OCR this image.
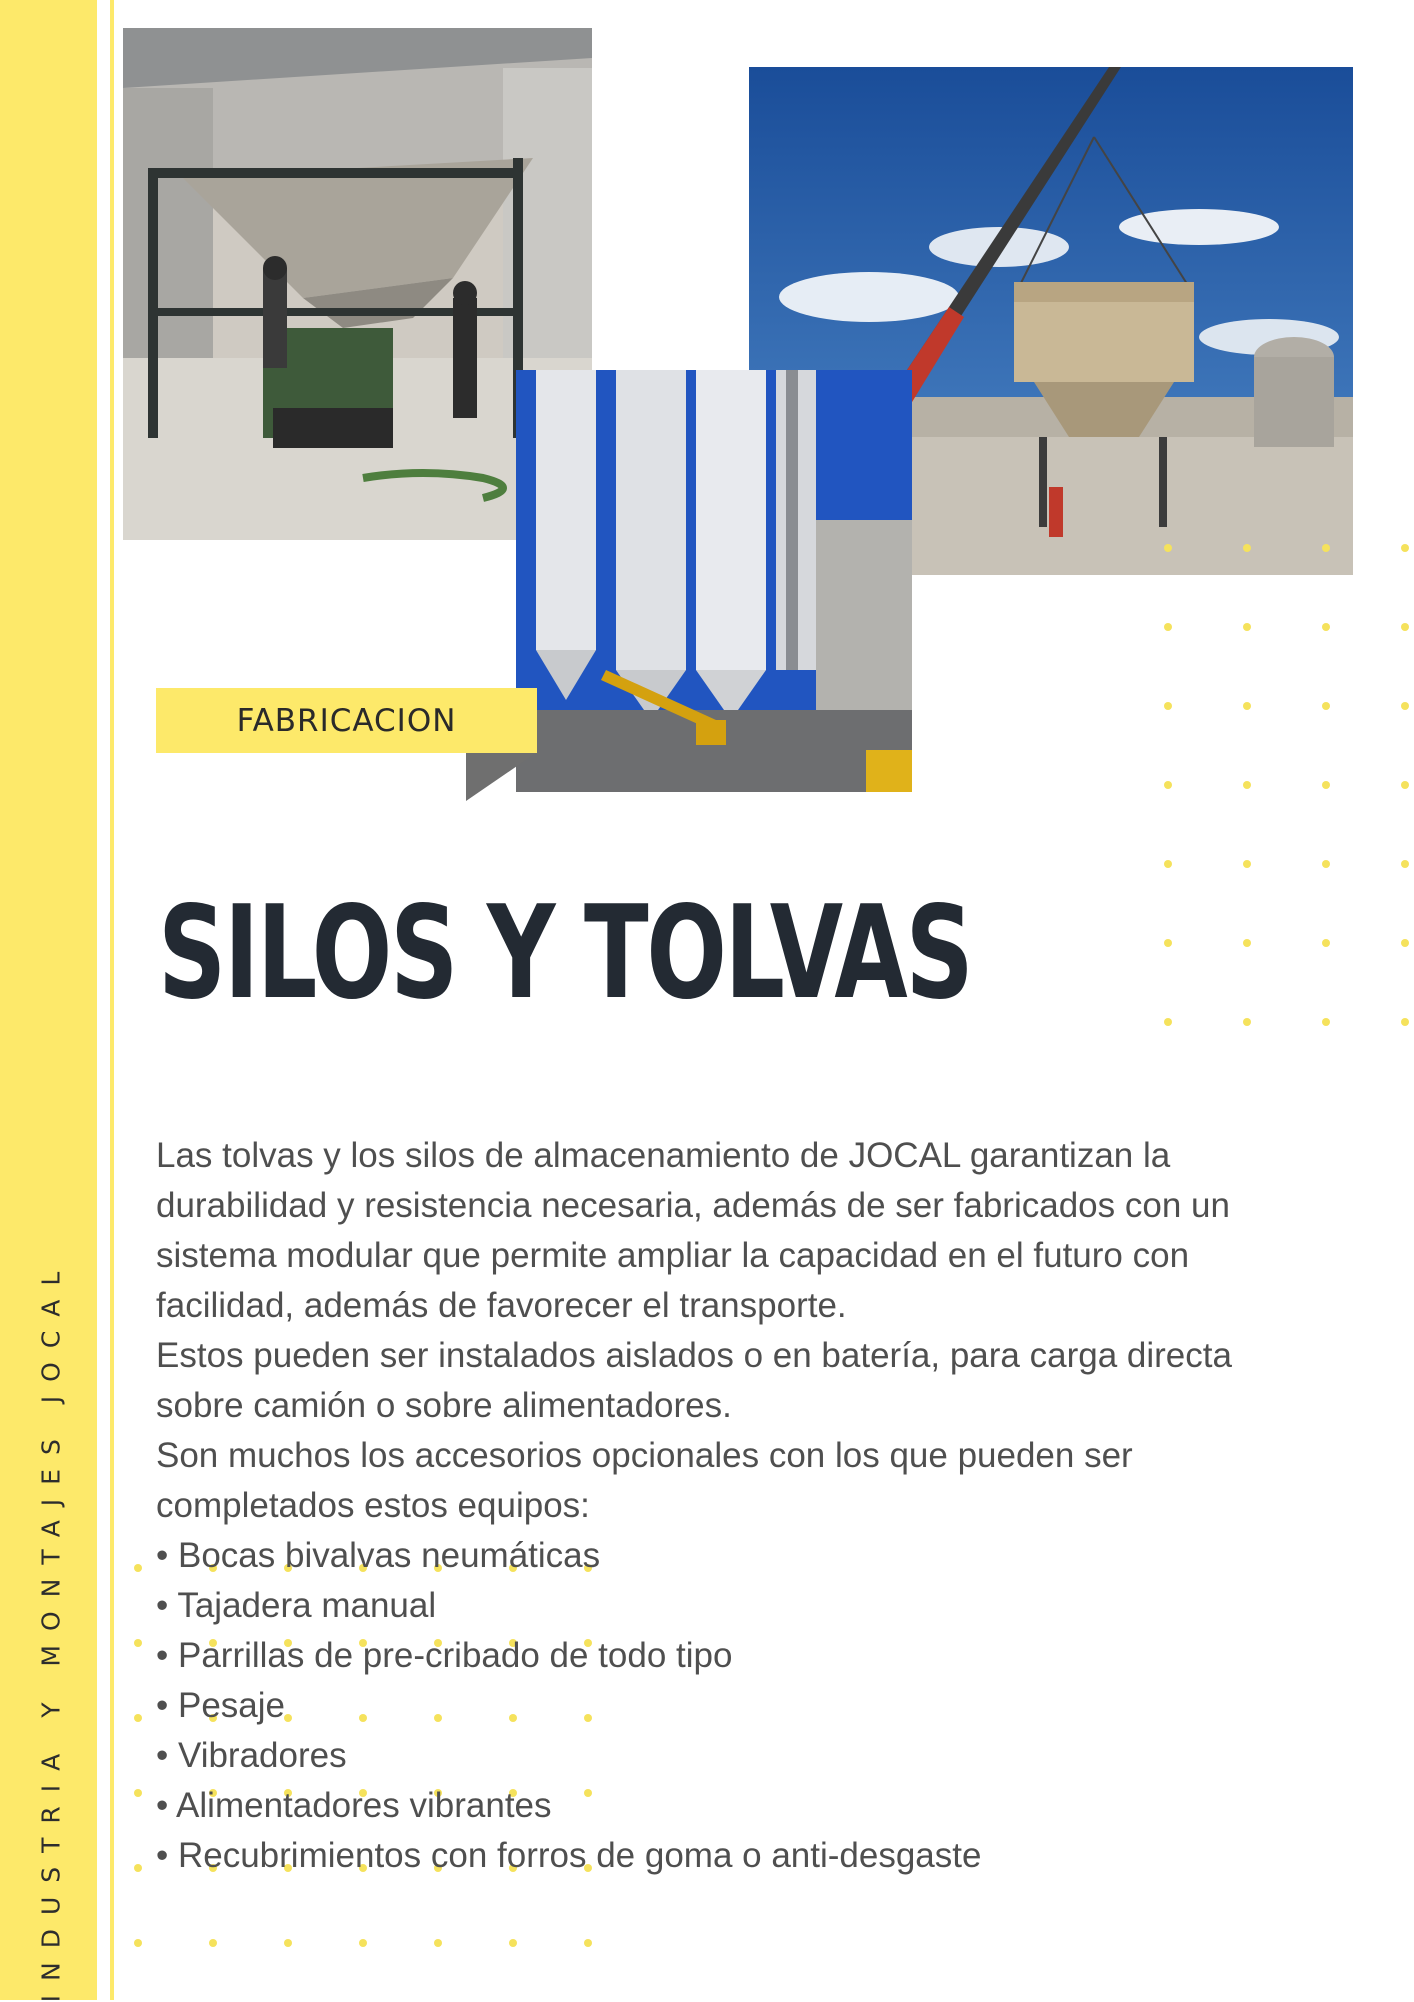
INDUSTRIA Y MONTAJES JOCAL
FABRICACION
SILOS Y TOLVAS

Las tolvas y los silos de almacenamiento de JOCAL garantizan la durabilidad y resistencia necesaria, además de ser fabricados con un sistema modular que permite ampliar la capacidad en el futuro con facilidad, además de favorecer el transporte.

Estos pueden ser instalados aislados o en batería, para carga directa sobre camión o sobre alimentadores.

Son muchos los accesorios opcionales con los que pueden ser completados estos equipos:

• Bocas bivalvas neumáticas
• Tajadera manual
• Parrillas de pre-cribado de todo tipo
• Pesaje
• Vibradores
• Alimentadores vibrantes
• Recubrimientos con forros de goma o anti-desgaste
